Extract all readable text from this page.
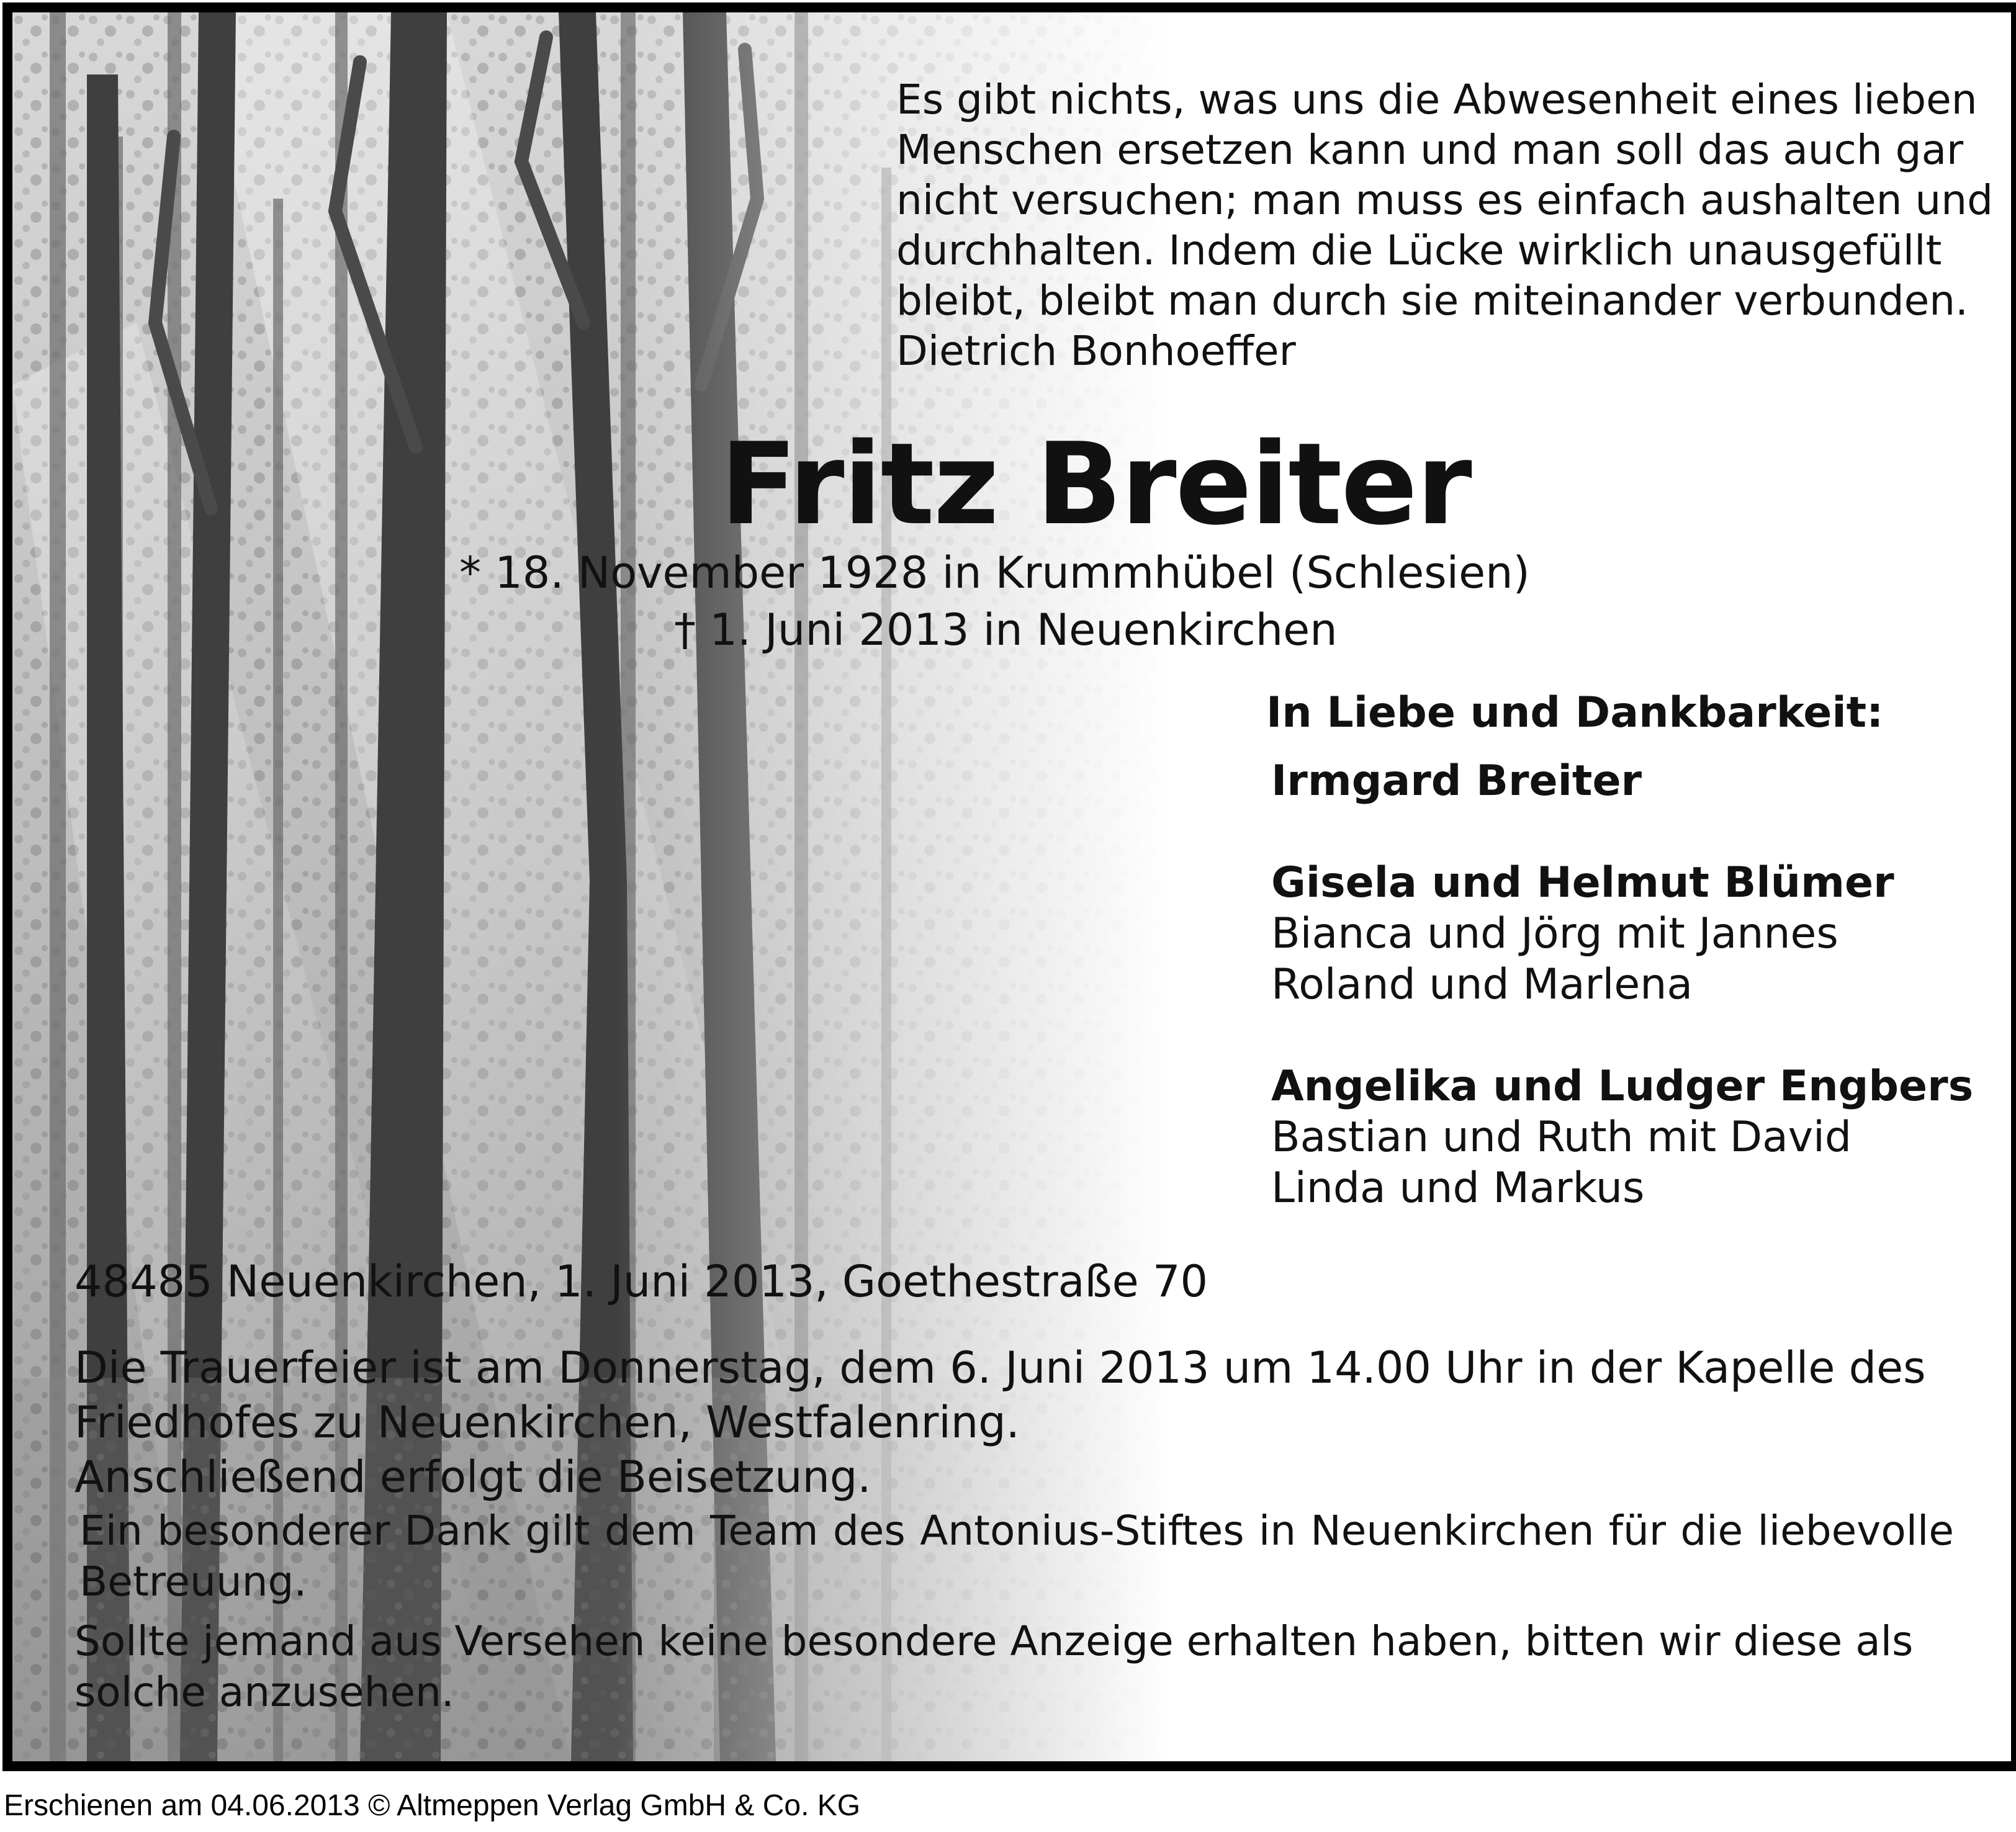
Es gibt nichts, was uns die Abwesenheit eines lieben
Menschen ersetzen kann und man soll das auch gar
nicht versuchen; man muss es einfach aushalten und
durchhalten. Indem die Lücke wirklich unausgefüllt
bleibt, bleibt man durch sie miteinander verbunden.
Dietrich Bonhoeffer
Fritz Breiter
* 18. November 1928 in Krummhübel (Schlesien)
† 1. Juni 2013 in Neuenkirchen
In Liebe und Dankbarkeit:
Irmgard Breiter
Gisela und Helmut Blümer
Bianca und Jörg mit Jannes
Roland und Marlena
Angelika und Ludger Engbers
Bastian und Ruth mit David
Linda und Markus
48485 Neuenkirchen, 1. Juni 2013, Goethestraße 70
Die Trauerfeier ist am Donnerstag, dem 6. Juni 2013 um 14.00 Uhr in der Kapelle des
Friedhofes zu Neuenkirchen, Westfalenring.
Anschließend erfolgt die Beisetzung.
Ein besonderer Dank gilt dem Team des Antonius-Stiftes in Neuenkirchen für die liebevolle Betreuung.
Sollte jemand aus Versehen keine besondere Anzeige erhalten haben, bitten wir diese als
solche anzusehen.
Erschienen am 04.06.2013 © Altmeppen Verlag GmbH & Co. KG
